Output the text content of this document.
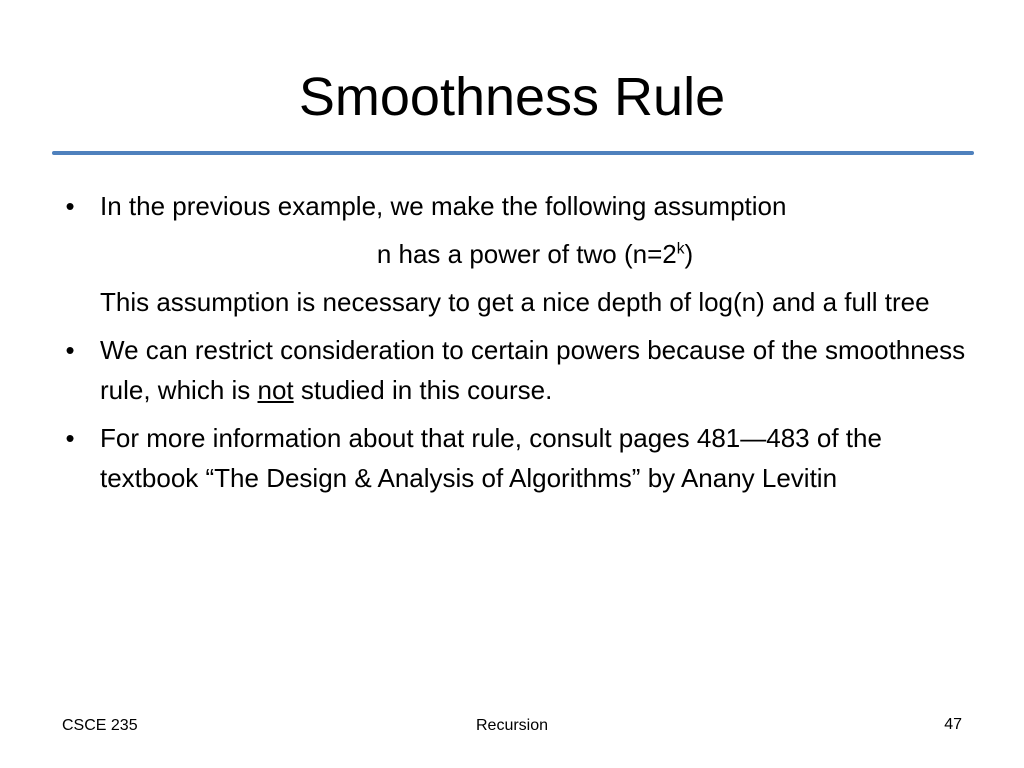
Smoothness Rule
• In the previous example, we make the following assumption
n has a power of two $(n=2^k)$
This assumption is necessary to get a nice depth of log(n) and a full tree
• We can restrict consideration to certain powers because of the smoothness rule, which is not studied in this course.
• For more information about that rule, consult pages 481—483 of the textbook “The Design & Analysis of Algorithms” by Anany Levitin
CSCE 235	Recursion	47
